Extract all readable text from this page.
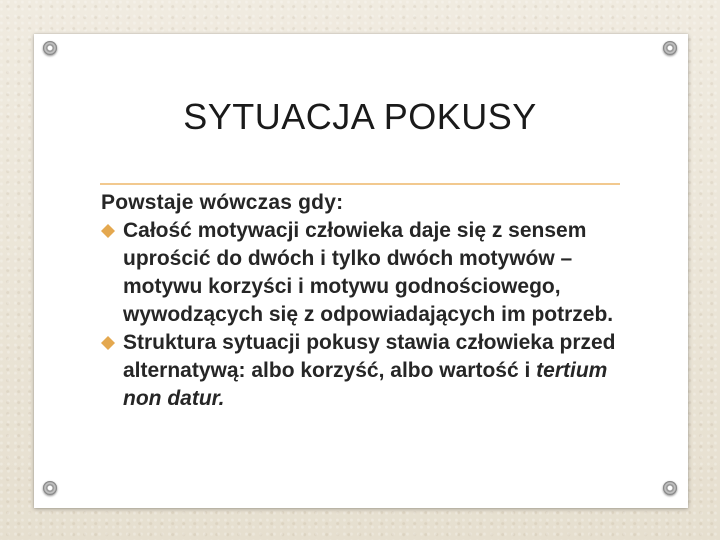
SYTUACJA POKUSY

Powstaje wówczas gdy:

Całość motywacji człowieka daje się z sensem uprościć do dwóch i tylko dwóch motywów – motywu korzyści i motywu godnościowego, wywodzących się z odpowiadających im potrzeb.

Struktura sytuacji pokusy stawia człowieka przed alternatywą: albo korzyść, albo wartość i tertium non datur.
